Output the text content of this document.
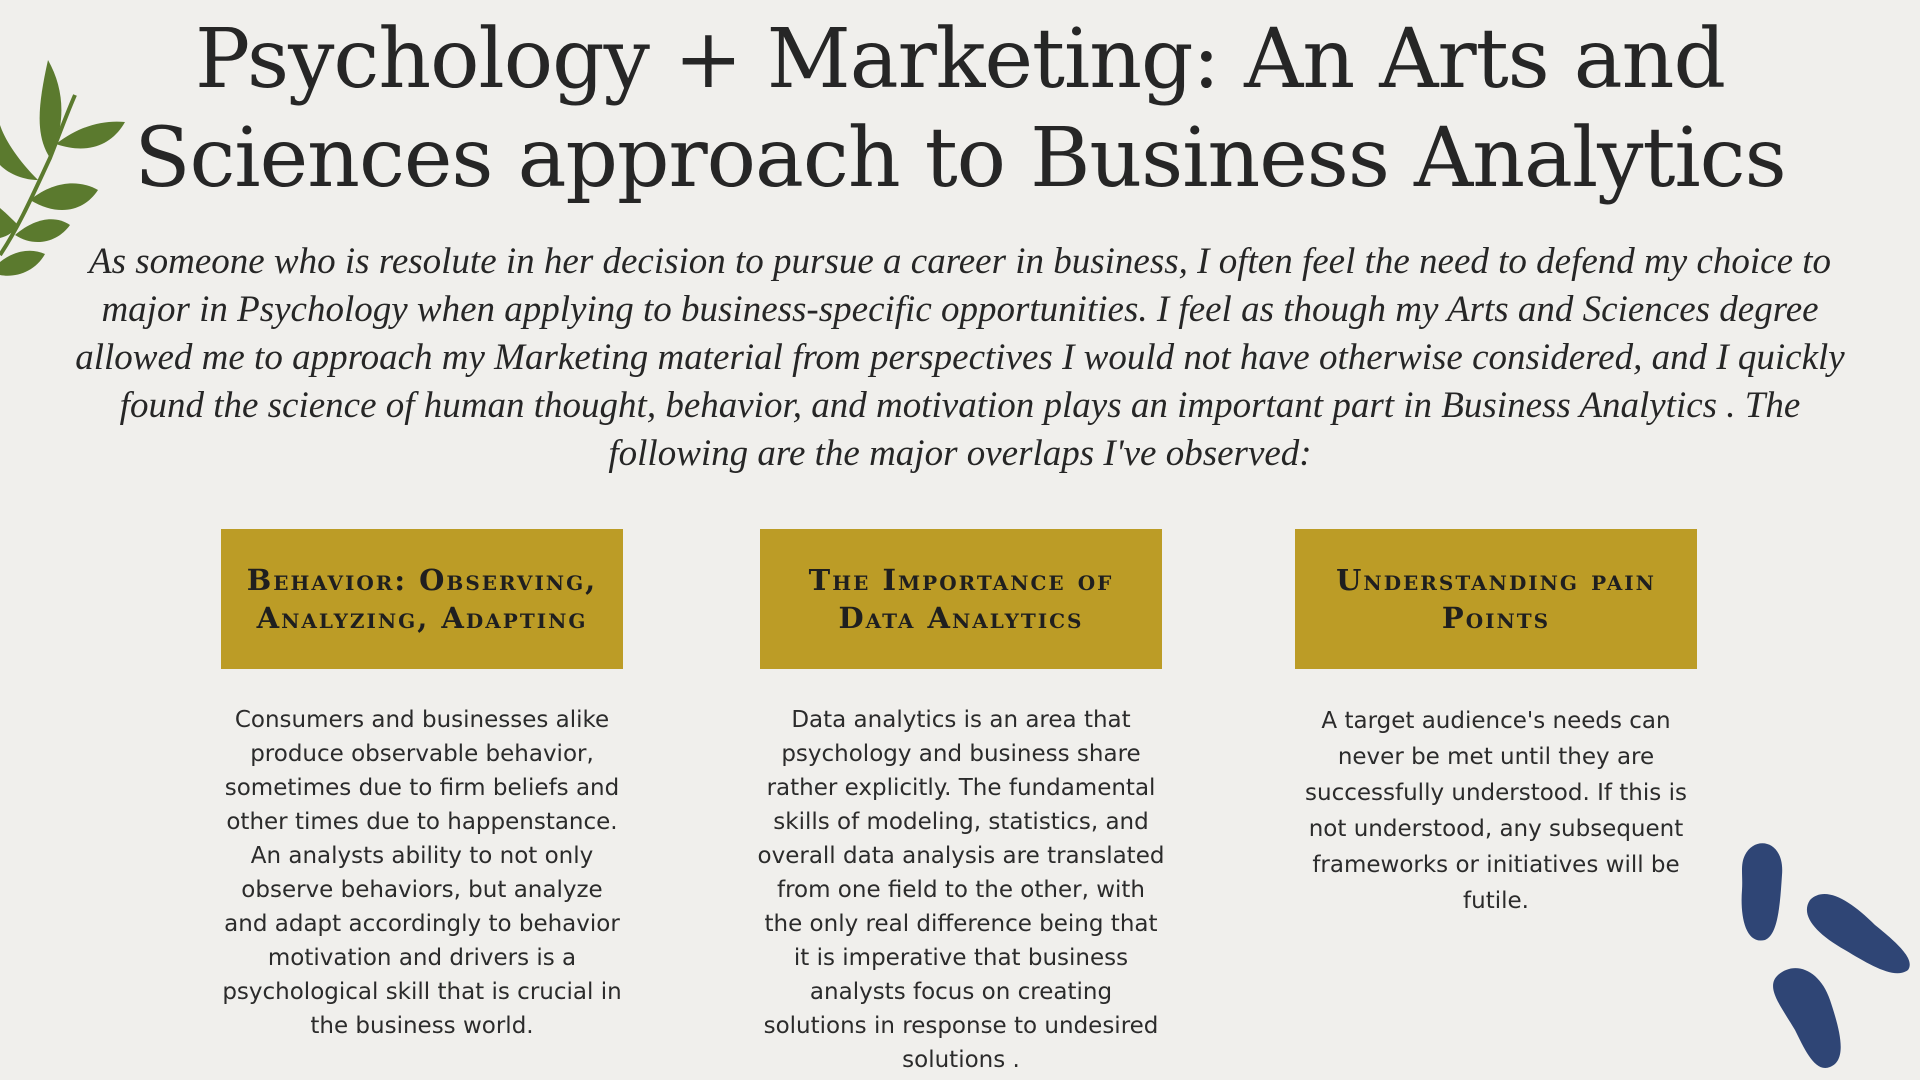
Psychology + Marketing: An Arts and Sciences approach to Business Analytics

As someone who is resolute in her decision to pursue a career in business, I often feel the need to defend my choice to major in Psychology when applying to business-specific opportunities. I feel as though my Arts and Sciences degree allowed me to approach my Marketing material from perspectives I would not have otherwise considered, and I quickly found the science of human thought, behavior, and motivation plays an important part in Business Analytics . The following are the major overlaps I've observed:

Behavior: Observing, Analyzing, Adapting

Consumers and businesses alike produce observable behavior, sometimes due to firm beliefs and other times due to happenstance. An analysts ability to not only observe behaviors, but analyze and adapt accordingly to behavior motivation and drivers is a psychological skill that is crucial in the business world.

The Importance of Data Analytics

Data analytics is an area that psychology and business share rather explicitly. The fundamental skills of modeling, statistics, and overall data analysis are translated from one field to the other, with the only real difference being that it is imperative that business analysts focus on creating solutions in response to undesired solutions .

Understanding pain Points

A target audience's needs can never be met until they are successfully understood. If this is not understood, any subsequent frameworks or initiatives will be futile.
